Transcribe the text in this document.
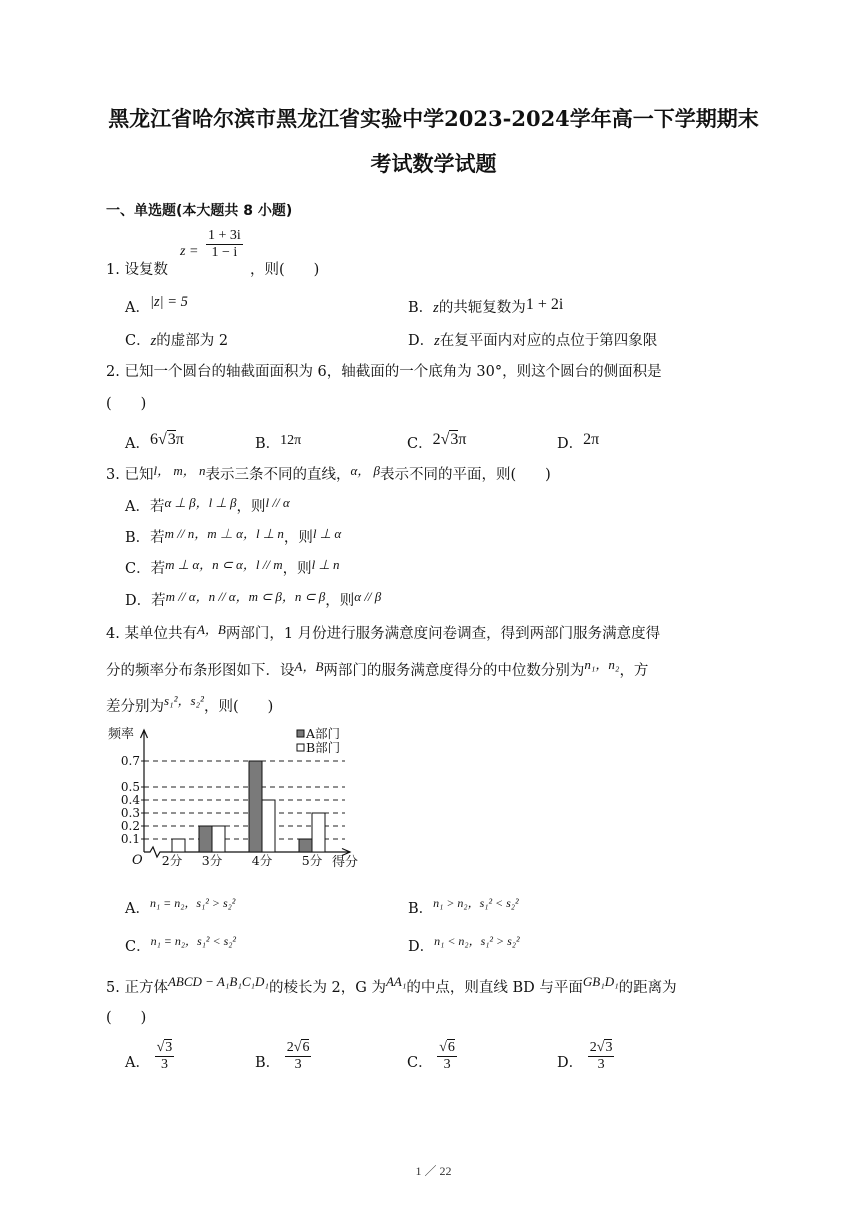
黑龙江省哈尔滨市黑龙江省实验中学2023-2024学年高一下学期期末
考试数学试题
一、单选题(本大题共 8 小题)
1. 设复数
$z = \frac{1 + 3i}{1 - i}$
，则(　　)
A．|z| = 5	B．z的共轭复数为1 + 2i
C．z的虚部为 2	D．z在复平面内对应的点位于第四象限
2. 已知一个圆台的轴截面面积为 6，轴截面的一个底角为 30°，则这个圆台的侧面积是
(　　)
A．6√3π	B．12π	C．2√3π	D．2π
3. 已知l， m， n表示三条不同的直线，α， β表示不同的平面，则(　　)
A．若α ⊥ β，l ⊥ β，则l // α
B．若m // n，m ⊥ α，l ⊥ n，则l ⊥ α
C．若m ⊥ α，n ⊂ α，l // m，则l ⊥ n
D．若m // α，n // α，m ⊂ β，n ⊂ β，则α // β
4. 某单位共有A，B两部门，1 月份进行服务满意度问卷调查，得到两部门服务满意度得
分的频率分布条形图如下．设A，B两部门的服务满意度得分的中位数分别为n₁，n₂，方
差分别为s₁²，s₂²，则(　　)
0.1
0.2
0.3
0.4
0.5
0.7
频率
O	得分
2分 3分 4分 5分
A部门
B部门
A．$^{n_1 = n_2,s_1^2 > s_2^2}$	B．$^{n_1 > n_2,s_1^2 < s_2^2}$
C．$^{n_1 = n_2,s_1^2 < s_2^2}$	D．$^{n_1 < n_2,s_1^2 > s_2^2}$
5. 正方体ABCD − A₁B₁C₁D₁的棱长为 2，G 为AA₁的中点，则直线 BD 与平面GB₁D₁的距离为
(　　)
A． $\frac{√3}{3}$	B． $\frac{2√6}{3}$	C． $\frac{√6}{3}$	D． $\frac{2√3}{3}$
1 ／ 22
